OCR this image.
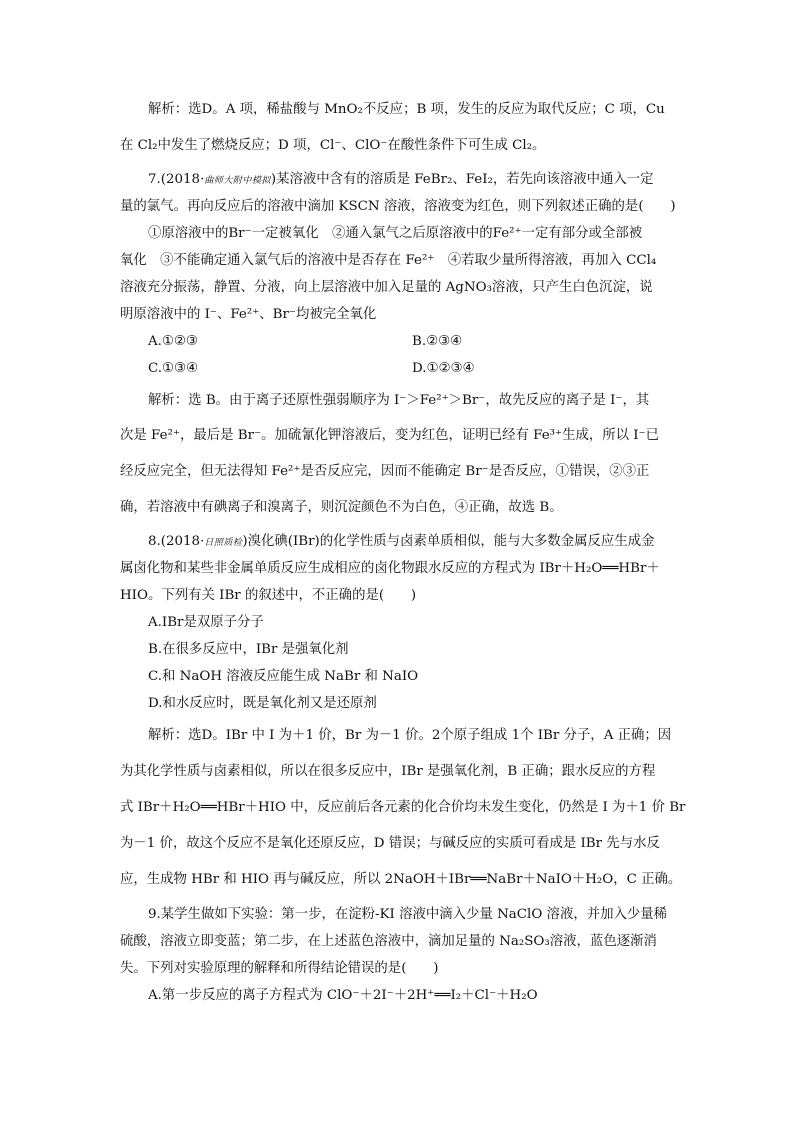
解析：选D。A 项，稀盐酸与 MnO₂不反应；B 项，发生的反应为取代反应；C 项，Cu
在 Cl₂中发生了燃烧反应；D 项，Cl⁻、ClO⁻在酸性条件下可生成 Cl₂。
7.(2018·曲师大附中模拟)某溶液中含有的溶质是 FeBr₂、FeI₂，若先向该溶液中通入一定
量的氯气。再向反应后的溶液中滴加 KSCN 溶液，溶液变为红色，则下列叙述正确的是(　　)
①原溶液中的Br⁻一定被氧化　②通入氯气之后原溶液中的Fe²⁺一定有部分或全部被
氧化　③不能确定通入氯气后的溶液中是否存在 Fe²⁺　④若取少量所得溶液，再加入 CCl₄
溶液充分振荡，静置、分液，向上层溶液中加入足量的 AgNO₃溶液，只产生白色沉淀，说
明原溶液中的 I⁻、Fe²⁺、Br⁻均被完全氧化
A.①②③	B.②③④
C.①③④	D.①②③④
解析：选 B。由于离子还原性强弱顺序为 I⁻＞Fe²⁺＞Br⁻，故先反应的离子是 I⁻，其
次是 Fe²⁺，最后是 Br⁻。加硫氰化钾溶液后，变为红色，证明已经有 Fe³⁺生成，所以 I⁻已
经反应完全，但无法得知 Fe²⁺是否反应完，因而不能确定 Br⁻是否反应，①错误，②③正
确，若溶液中有碘离子和溴离子，则沉淀颜色不为白色，④正确，故选 B。
8.(2018·日照质检)溴化碘(IBr)的化学性质与卤素单质相似，能与大多数金属反应生成金
属卤化物和某些非金属单质反应生成相应的卤化物跟水反应的方程式为 IBr＋H₂O══HBr＋
HIO。下列有关 IBr 的叙述中，不正确的是(　　)
A.IBr是双原子分子
B.在很多反应中，IBr 是强氧化剂
C.和 NaOH 溶液反应能生成 NaBr 和 NaIO
D.和水反应时，既是氧化剂又是还原剂
解析：选D。IBr 中 I 为＋1 价，Br 为－1 价。2个原子组成 1个 IBr 分子，A 正确；因
为其化学性质与卤素相似，所以在很多反应中，IBr 是强氧化剂，B 正确；跟水反应的方程
式 IBr＋H₂O══HBr＋HIO 中，反应前后各元素的化合价均未发生变化，仍然是 I 为＋1 价 Br
为－1 价，故这个反应不是氧化还原反应，D 错误；与碱反应的实质可看成是 IBr 先与水反
应，生成物 HBr 和 HIO 再与碱反应，所以 2NaOH＋IBr══NaBr＋NaIO＋H₂O，C 正确。
9.某学生做如下实验：第一步，在淀粉-KI 溶液中滴入少量 NaClO 溶液，并加入少量稀
硫酸，溶液立即变蓝；第二步，在上述蓝色溶液中，滴加足量的 Na₂SO₃溶液，蓝色逐渐消
失。下列对实验原理的解释和所得结论错误的是(　　)
A.第一步反应的离子方程式为 ClO⁻＋2I⁻＋2H⁺══I₂＋Cl⁻＋H₂O
